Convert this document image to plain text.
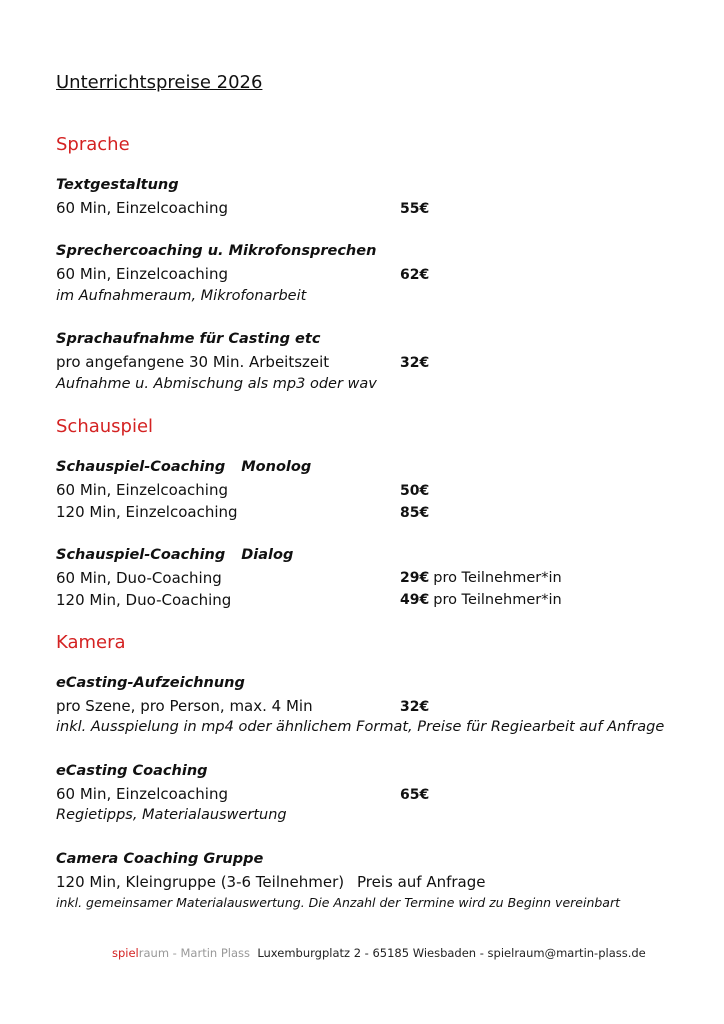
Unterrichtspreise 2026
Sprache
Textgestaltung
60 Min, Einzelcoaching	55€
Sprechercoaching u. Mikrofonsprechen
60 Min, Einzelcoaching	62€
im Aufnahmeraum, Mikrofonarbeit
Sprachaufnahme für Casting etc
pro angefangene 30 Min. Arbeitszeit	32€
Aufnahme u. Abmischung als mp3 oder wav
Schauspiel
Schauspiel-Coaching Monolog
60 Min, Einzelcoaching	50€
120 Min, Einzelcoaching	85€
Schauspiel-Coaching Dialog
60 Min, Duo-Coaching	29€ pro Teilnehmer*in
120 Min, Duo-Coaching	49€ pro Teilnehmer*in
Kamera
eCasting-Aufzeichnung
pro Szene, pro Person, max. 4 Min	32€
inkl. Ausspielung in mp4 oder ähnlichem Format, Preise für Regiearbeit auf Anfrage
eCasting Coaching
60 Min, Einzelcoaching	65€
Regietipps, Materialauswertung
Camera Coaching Gruppe
120 Min, Kleingruppe (3-6 Teilnehmer) Preis auf Anfrage
inkl. gemeinsamer Materialauswertung. Die Anzahl der Termine wird zu Beginn vereinbart
spielraum - Martin Plass Luxemburgplatz 2 - 65185 Wiesbaden - spielraum@martin-plass.de
